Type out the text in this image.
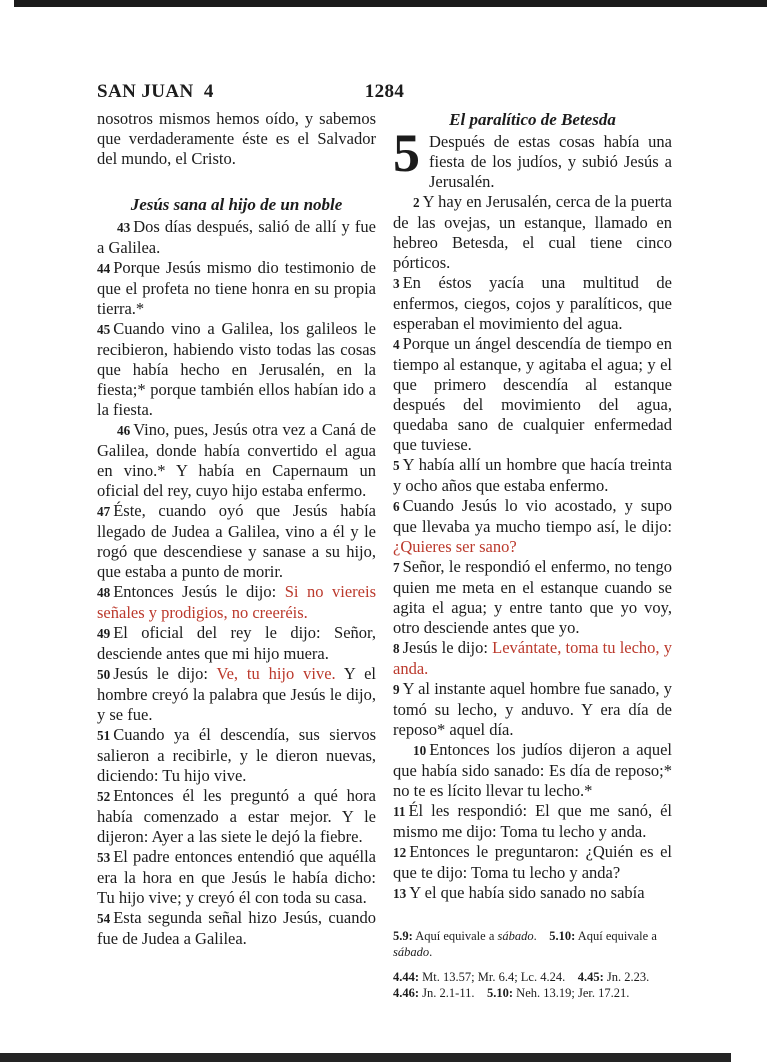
SAN JUAN  4	1284

nosotros mismos hemos oído, y sabemos que verdaderamente éste es el Salvador del mundo, el Cristo.

Jesús sana al hijo de un noble

43 Dos días después, salió de allí y fue a Galilea.

44 Porque Jesús mismo dio testimonio de que el profeta no tiene honra en su propia tierra.*

45 Cuando vino a Galilea, los galileos le recibieron, habiendo visto todas las cosas que había hecho en Jerusalén, en la fiesta;* porque también ellos habían ido a la fiesta.

46 Vino, pues, Jesús otra vez a Caná de Galilea, donde había convertido el agua en vino.* Y había en Capernaum un oficial del rey, cuyo hijo estaba enfermo.

47 Éste, cuando oyó que Jesús había llegado de Judea a Galilea, vino a él y le rogó que descendiese y sanase a su hijo, que estaba a punto de morir.

48 Entonces Jesús le dijo: Si no viereis señales y prodigios, no creeréis.

49 El oficial del rey le dijo: Señor, desciende antes que mi hijo muera.

50 Jesús le dijo: Ve, tu hijo vive. Y el hombre creyó la palabra que Jesús le dijo, y se fue.

51 Cuando ya él descendía, sus siervos salieron a recibirle, y le dieron nuevas, diciendo: Tu hijo vive.

52 Entonces él les preguntó a qué hora había comenzado a estar mejor. Y le dijeron: Ayer a las siete le dejó la fiebre.

53 El padre entonces entendió que aquélla era la hora en que Jesús le había dicho: Tu hijo vive; y creyó él con toda su casa.

54 Esta segunda señal hizo Jesús, cuando fue de Judea a Galilea.

El paralítico de Betesda

5 Después de estas cosas había una fiesta de los judíos, y subió Jesús a Jerusalén.

2 Y hay en Jerusalén, cerca de la puerta de las ovejas, un estanque, llamado en hebreo Betesda, el cual tiene cinco pórticos.

3 En éstos yacía una multitud de enfermos, ciegos, cojos y paralíticos, que esperaban el movimiento del agua.

4 Porque un ángel descendía de tiempo en tiempo al estanque, y agitaba el agua; y el que primero descendía al estanque después del movimiento del agua, quedaba sano de cualquier enfermedad que tuviese.

5 Y había allí un hombre que hacía treinta y ocho años que estaba enfermo.

6 Cuando Jesús lo vio acostado, y supo que llevaba ya mucho tiempo así, le dijo: ¿Quieres ser sano?

7 Señor, le respondió el enfermo, no tengo quien me meta en el estanque cuando se agita el agua; y entre tanto que yo voy, otro desciende antes que yo.

8 Jesús le dijo: Levántate, toma tu lecho, y anda.

9 Y al instante aquel hombre fue sanado, y tomó su lecho, y anduvo. Y era día de reposo* aquel día.

10 Entonces los judíos dijeron a aquel que había sido sanado: Es día de reposo;* no te es lícito llevar tu lecho.*

11 Él les respondió: El que me sanó, él mismo me dijo: Toma tu lecho y anda.

12 Entonces le preguntaron: ¿Quién es el que te dijo: Toma tu lecho y anda?

13 Y el que había sido sanado no sabía

5.9: Aquí equivale a sábado.    5.10: Aquí equivale a sábado.

4.44: Mt. 13.57; Mr. 6.4; Lc. 4.24.    4.45: Jn. 2.23.
4.46: Jn. 2.1-11.    5.10: Neh. 13.19; Jer. 17.21.
